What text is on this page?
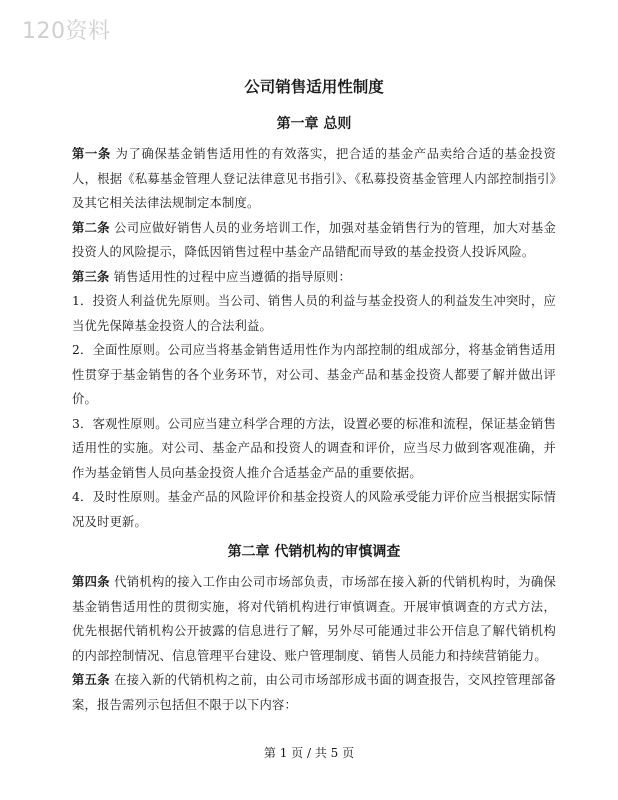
120资料
公司销售适用性制度
第一章 总则

第一条 为了确保基金销售适用性的有效落实，把合适的基金产品卖给合适的基金投资人，根据《私募基金管理人登记法律意见书指引》、《私募投资基金管理人内部控制指引》及其它相关法律法规制定本制度。

第二条 公司应做好销售人员的业务培训工作，加强对基金销售行为的管理，加大对基金投资人的风险提示，降低因销售过程中基金产品错配而导致的基金投资人投诉风险。

第三条 销售适用性的过程中应当遵循的指导原则：

1．投资人利益优先原则。当公司、销售人员的利益与基金投资人的利益发生冲突时，应当优先保障基金投资人的合法利益。

2．全面性原则。公司应当将基金销售适用性作为内部控制的组成部分，将基金销售适用性贯穿于基金销售的各个业务环节，对公司、基金产品和基金投资人都要了解并做出评价。

3．客观性原则。公司应当建立科学合理的方法，设置必要的标准和流程，保证基金销售适用性的实施。对公司、基金产品和投资人的调查和评价，应当尽力做到客观准确，并作为基金销售人员向基金投资人推介合适基金产品的重要依据。

4．及时性原则。基金产品的风险评价和基金投资人的风险承受能力评价应当根据实际情况及时更新。

第二章 代销机构的审慎调查

第四条 代销机构的接入工作由公司市场部负责，市场部在接入新的代销机构时，为确保基金销售适用性的贯彻实施，将对代销机构进行审慎调查。开展审慎调查的方式方法，优先根据代销机构公开披露的信息进行了解，另外尽可能通过非公开信息了解代销机构的内部控制情况、信息管理平台建设、账户管理制度、销售人员能力和持续营销能力。

第五条 在接入新的代销机构之前，由公司市场部形成书面的调查报告，交风控管理部备案，报告需列示包括但不限于以下内容：

第 1 页 / 共 5 页
